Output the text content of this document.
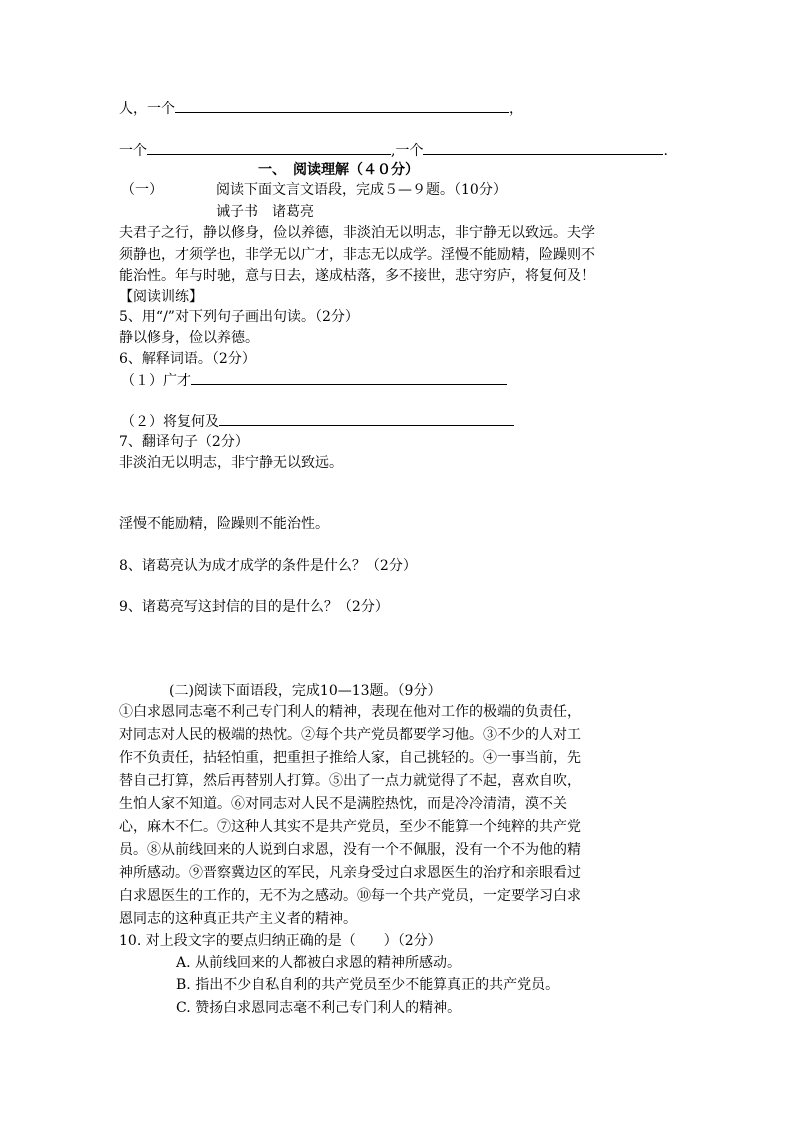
人，一个	，
一个	,一个	.
一、　阅读理解（４０分）
（一）	阅读下面文言文语段，完成５—９题。（10分）
诫子书　诸葛亮
夫君子之行，静以修身，俭以养德，非淡泊无以明志，非宁静无以致远。夫学
须静也，才须学也，非学无以广才，非志无以成学。淫慢不能励精，险躁则不
能治性。年与时驰，意与日去，遂成枯落，多不接世，悲守穷庐，将复何及！
【阅读训练】
5、用“/”对下列句子画出句读。（2分）
静以修身，俭以养德。
6、解释词语。（2分）
（１）广才
（２）将复何及
7、翻译句子（2分）
非淡泊无以明志，非宁静无以致远。
淫慢不能励精，险躁则不能治性。
8、诸葛亮认为成才成学的条件是什么？（2分）
9、诸葛亮写这封信的目的是什么？（2分）
(二)阅读下面语段，完成10—13题。（9分）
①白求恩同志毫不利己专门利人的精神，表现在他对工作的极端的负责任，
对同志对人民的极端的热忱。②每个共产党员都要学习他。③不少的人对工
作不负责任，拈轻怕重，把重担子推给人家，自己挑轻的。④一事当前，先
替自己打算，然后再替别人打算。⑤出了一点力就觉得了不起，喜欢自吹，
生怕人家不知道。⑥对同志对人民不是满腔热忱，而是冷冷清清，漠不关
心，麻木不仁。⑦这种人其实不是共产党员，至少不能算一个纯粹的共产党
员。⑧从前线回来的人说到白求恩，没有一个不佩服，没有一个不为他的精
神所感动。⑨晋察冀边区的军民，凡亲身受过白求恩医生的治疗和亲眼看过
白求恩医生的工作的，无不为之感动。⑩每一个共产党员，一定要学习白求
恩同志的这种真正共产主义者的精神。
10. 对上段文字的要点归纳正确的是（　　）（2分）
A. 从前线回来的人都被白求恩的精神所感动。
B. 指出不少自私自利的共产党员至少不能算真正的共产党员。
C. 赞扬白求恩同志毫不利己专门利人的精神。
